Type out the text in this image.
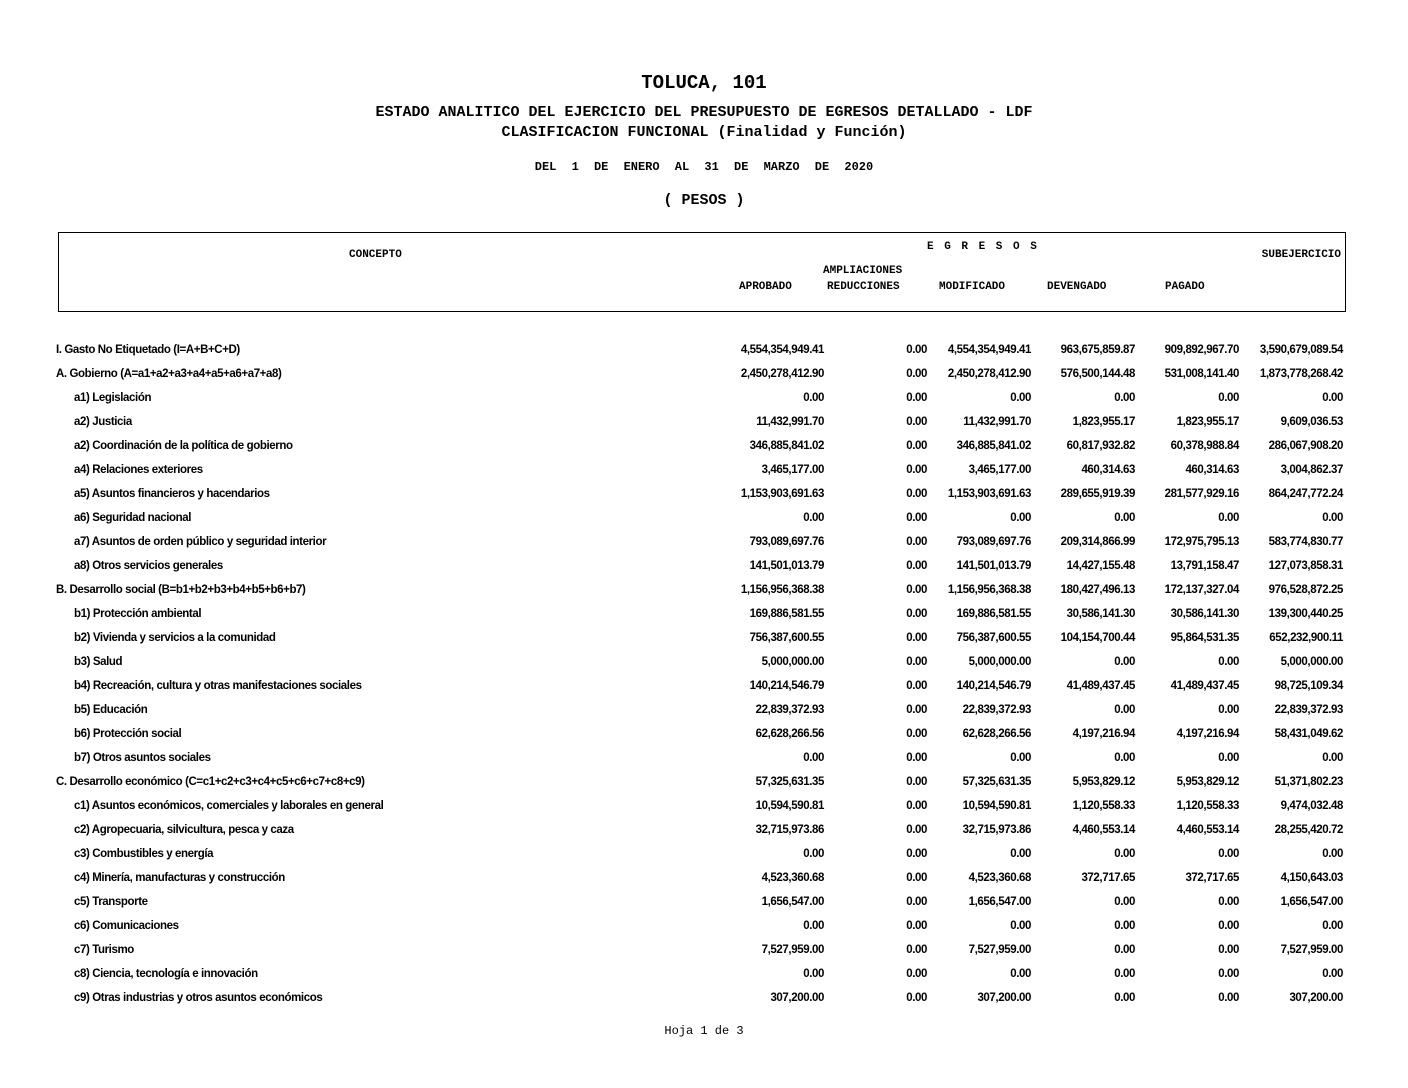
TOLUCA, 101
ESTADO ANALITICO DEL EJERCICIO DEL PRESUPUESTO DE EGRESOS DETALLADO - LDF
CLASIFICACION FUNCIONAL (Finalidad y Función)
DEL 1 DE ENERO AL 31 DE MARZO DE 2020
( PESOS )
CONCEPTO
E G R E S O S
SUBEJERCICIO
AMPLIACIONES
APROBADO	REDUCCIONES	MODIFICADO	DEVENGADO	PAGADO
I. Gasto No Etiquetado (I=A+B+C+D)	4,554,354,949.41	0.00 4,554,354,949.41	963,675,859.87	909,892,967.70 3,590,679,089.54
A. Gobierno (A=a1+a2+a3+a4+a5+a6+a7+a8)	2,450,278,412.90	0.00 2,450,278,412.90	576,500,144.48	531,008,141.40 1,873,778,268.42
a1) Legislación	0.00	0.00	0.00	0.00	0.00	0.00
a2) Justicia	11,432,991.70	0.00	11,432,991.70	1,823,955.17	1,823,955.17	9,609,036.53
a2) Coordinación de la política de gobierno	346,885,841.02	0.00	346,885,841.02	60,817,932.82	60,378,988.84	286,067,908.20
a4) Relaciones exteriores	3,465,177.00	0.00	3,465,177.00	460,314.63	460,314.63	3,004,862.37
a5) Asuntos financieros y hacendarios	1,153,903,691.63	0.00 1,153,903,691.63	289,655,919.39	281,577,929.16	864,247,772.24
a6) Seguridad nacional	0.00	0.00	0.00	0.00	0.00	0.00
a7) Asuntos de orden público y seguridad interior	793,089,697.76	0.00	793,089,697.76	209,314,866.99	172,975,795.13	583,774,830.77
a8) Otros servicios generales	141,501,013.79	0.00	141,501,013.79	14,427,155.48	13,791,158.47	127,073,858.31
B. Desarrollo social (B=b1+b2+b3+b4+b5+b6+b7)	1,156,956,368.38	0.00 1,156,956,368.38	180,427,496.13	172,137,327.04	976,528,872.25
b1) Protección ambiental	169,886,581.55	0.00	169,886,581.55	30,586,141.30	30,586,141.30	139,300,440.25
b2) Vivienda y servicios a la comunidad	756,387,600.55	0.00	756,387,600.55	104,154,700.44	95,864,531.35	652,232,900.11
b3) Salud	5,000,000.00	0.00	5,000,000.00	0.00	0.00	5,000,000.00
b4) Recreación, cultura y otras manifestaciones sociales	140,214,546.79	0.00	140,214,546.79	41,489,437.45	41,489,437.45	98,725,109.34
b5) Educación	22,839,372.93	0.00	22,839,372.93	0.00	0.00	22,839,372.93
b6) Protección social	62,628,266.56	0.00	62,628,266.56	4,197,216.94	4,197,216.94	58,431,049.62
b7) Otros asuntos sociales	0.00	0.00	0.00	0.00	0.00	0.00
C. Desarrollo económico (C=c1+c2+c3+c4+c5+c6+c7+c8+c9)	57,325,631.35	0.00	57,325,631.35	5,953,829.12	5,953,829.12	51,371,802.23
c1) Asuntos económicos, comerciales y laborales en general	10,594,590.81	0.00	10,594,590.81	1,120,558.33	1,120,558.33	9,474,032.48
c2) Agropecuaria, silvicultura, pesca y caza	32,715,973.86	0.00	32,715,973.86	4,460,553.14	4,460,553.14	28,255,420.72
c3) Combustibles y energía	0.00	0.00	0.00	0.00	0.00	0.00
c4) Minería, manufacturas y construcción	4,523,360.68	0.00	4,523,360.68	372,717.65	372,717.65	4,150,643.03
c5) Transporte	1,656,547.00	0.00	1,656,547.00	0.00	0.00	1,656,547.00
c6) Comunicaciones	0.00	0.00	0.00	0.00	0.00	0.00
c7) Turismo	7,527,959.00	0.00	7,527,959.00	0.00	0.00	7,527,959.00
c8) Ciencia, tecnología e innovación	0.00	0.00	0.00	0.00	0.00	0.00
c9) Otras industrias y otros asuntos económicos	307,200.00	0.00	307,200.00	0.00	0.00	307,200.00
Hoja 1 de 3
